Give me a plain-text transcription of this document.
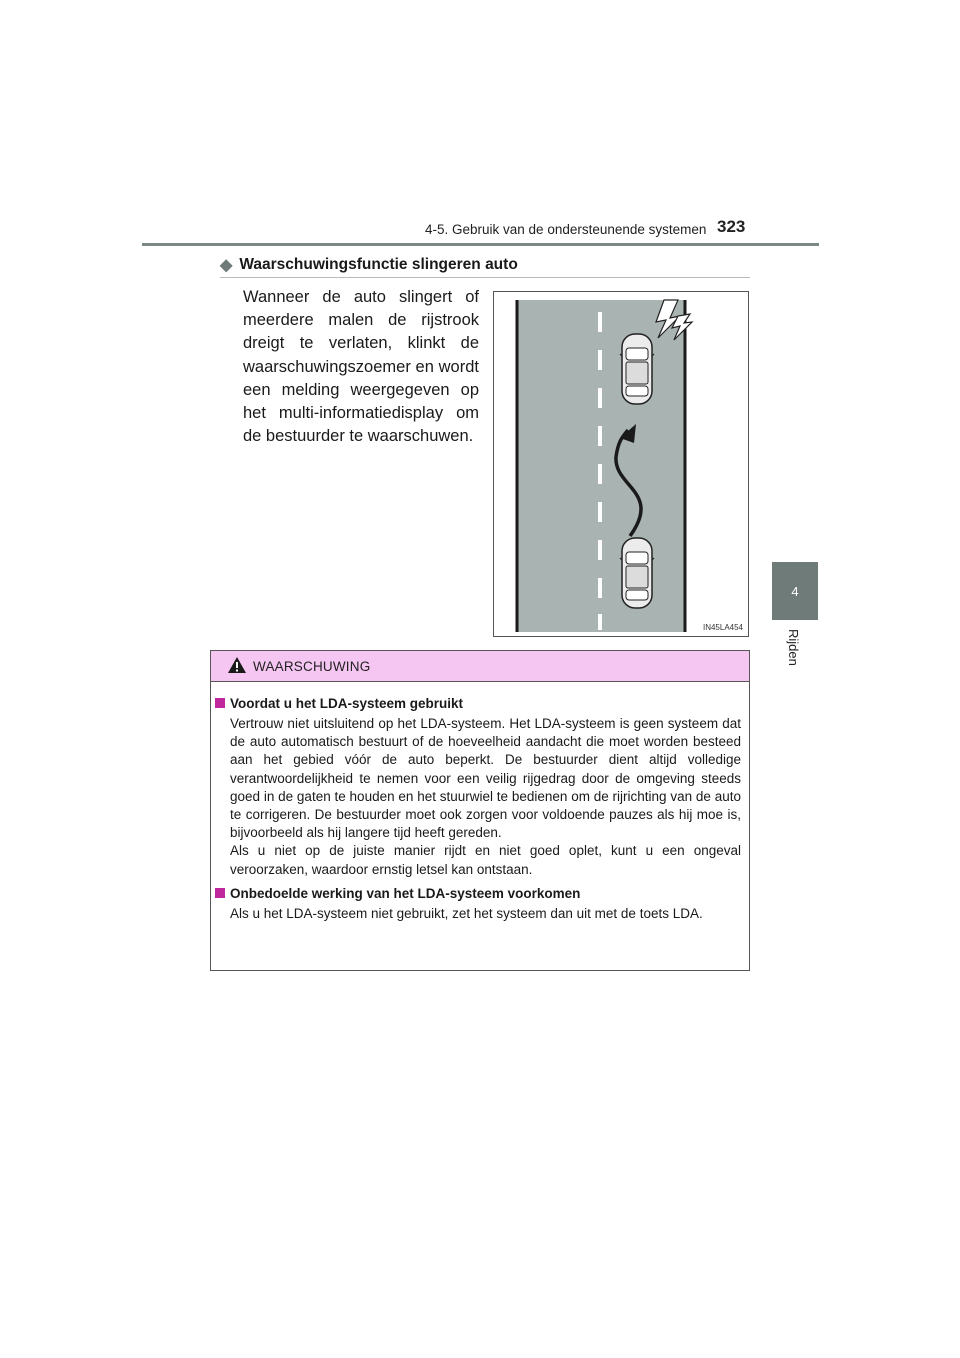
4-5. Gebruik van de ondersteunende systemen 323
4
Rijden
◆ Waarschuwingsfunctie slingeren auto
Wanneer de auto slingert of meerdere malen de rijstrook dreigt te verlaten, klinkt de waarschuwingszoemer en wordt een melding weergegeven op het multi-informatiedisplay om de bestuurder te waarschuwen.
IN45LA454
WAARSCHUWING
Voordat u het LDA-systeem gebruikt

Vertrouw niet uitsluitend op het LDA-systeem. Het LDA-systeem is geen systeem dat de auto automatisch bestuurt of de hoeveelheid aandacht die moet worden besteed aan het gebied vóór de auto beperkt. De bestuurder dient altijd volledige verantwoordelijkheid te nemen voor een veilig rijgedrag door de omgeving steeds goed in de gaten te houden en het stuurwiel te bedienen om de rijrichting van de auto te corrigeren. De bestuurder moet ook zorgen voor voldoende pauzes als hij moe is, bijvoorbeeld als hij langere tijd heeft gereden.

Als u niet op de juiste manier rijdt en niet goed oplet, kunt u een ongeval veroorzaken, waardoor ernstig letsel kan ontstaan.

Onbedoelde werking van het LDA-systeem voorkomen

Als u het LDA-systeem niet gebruikt, zet het systeem dan uit met de toets LDA.
